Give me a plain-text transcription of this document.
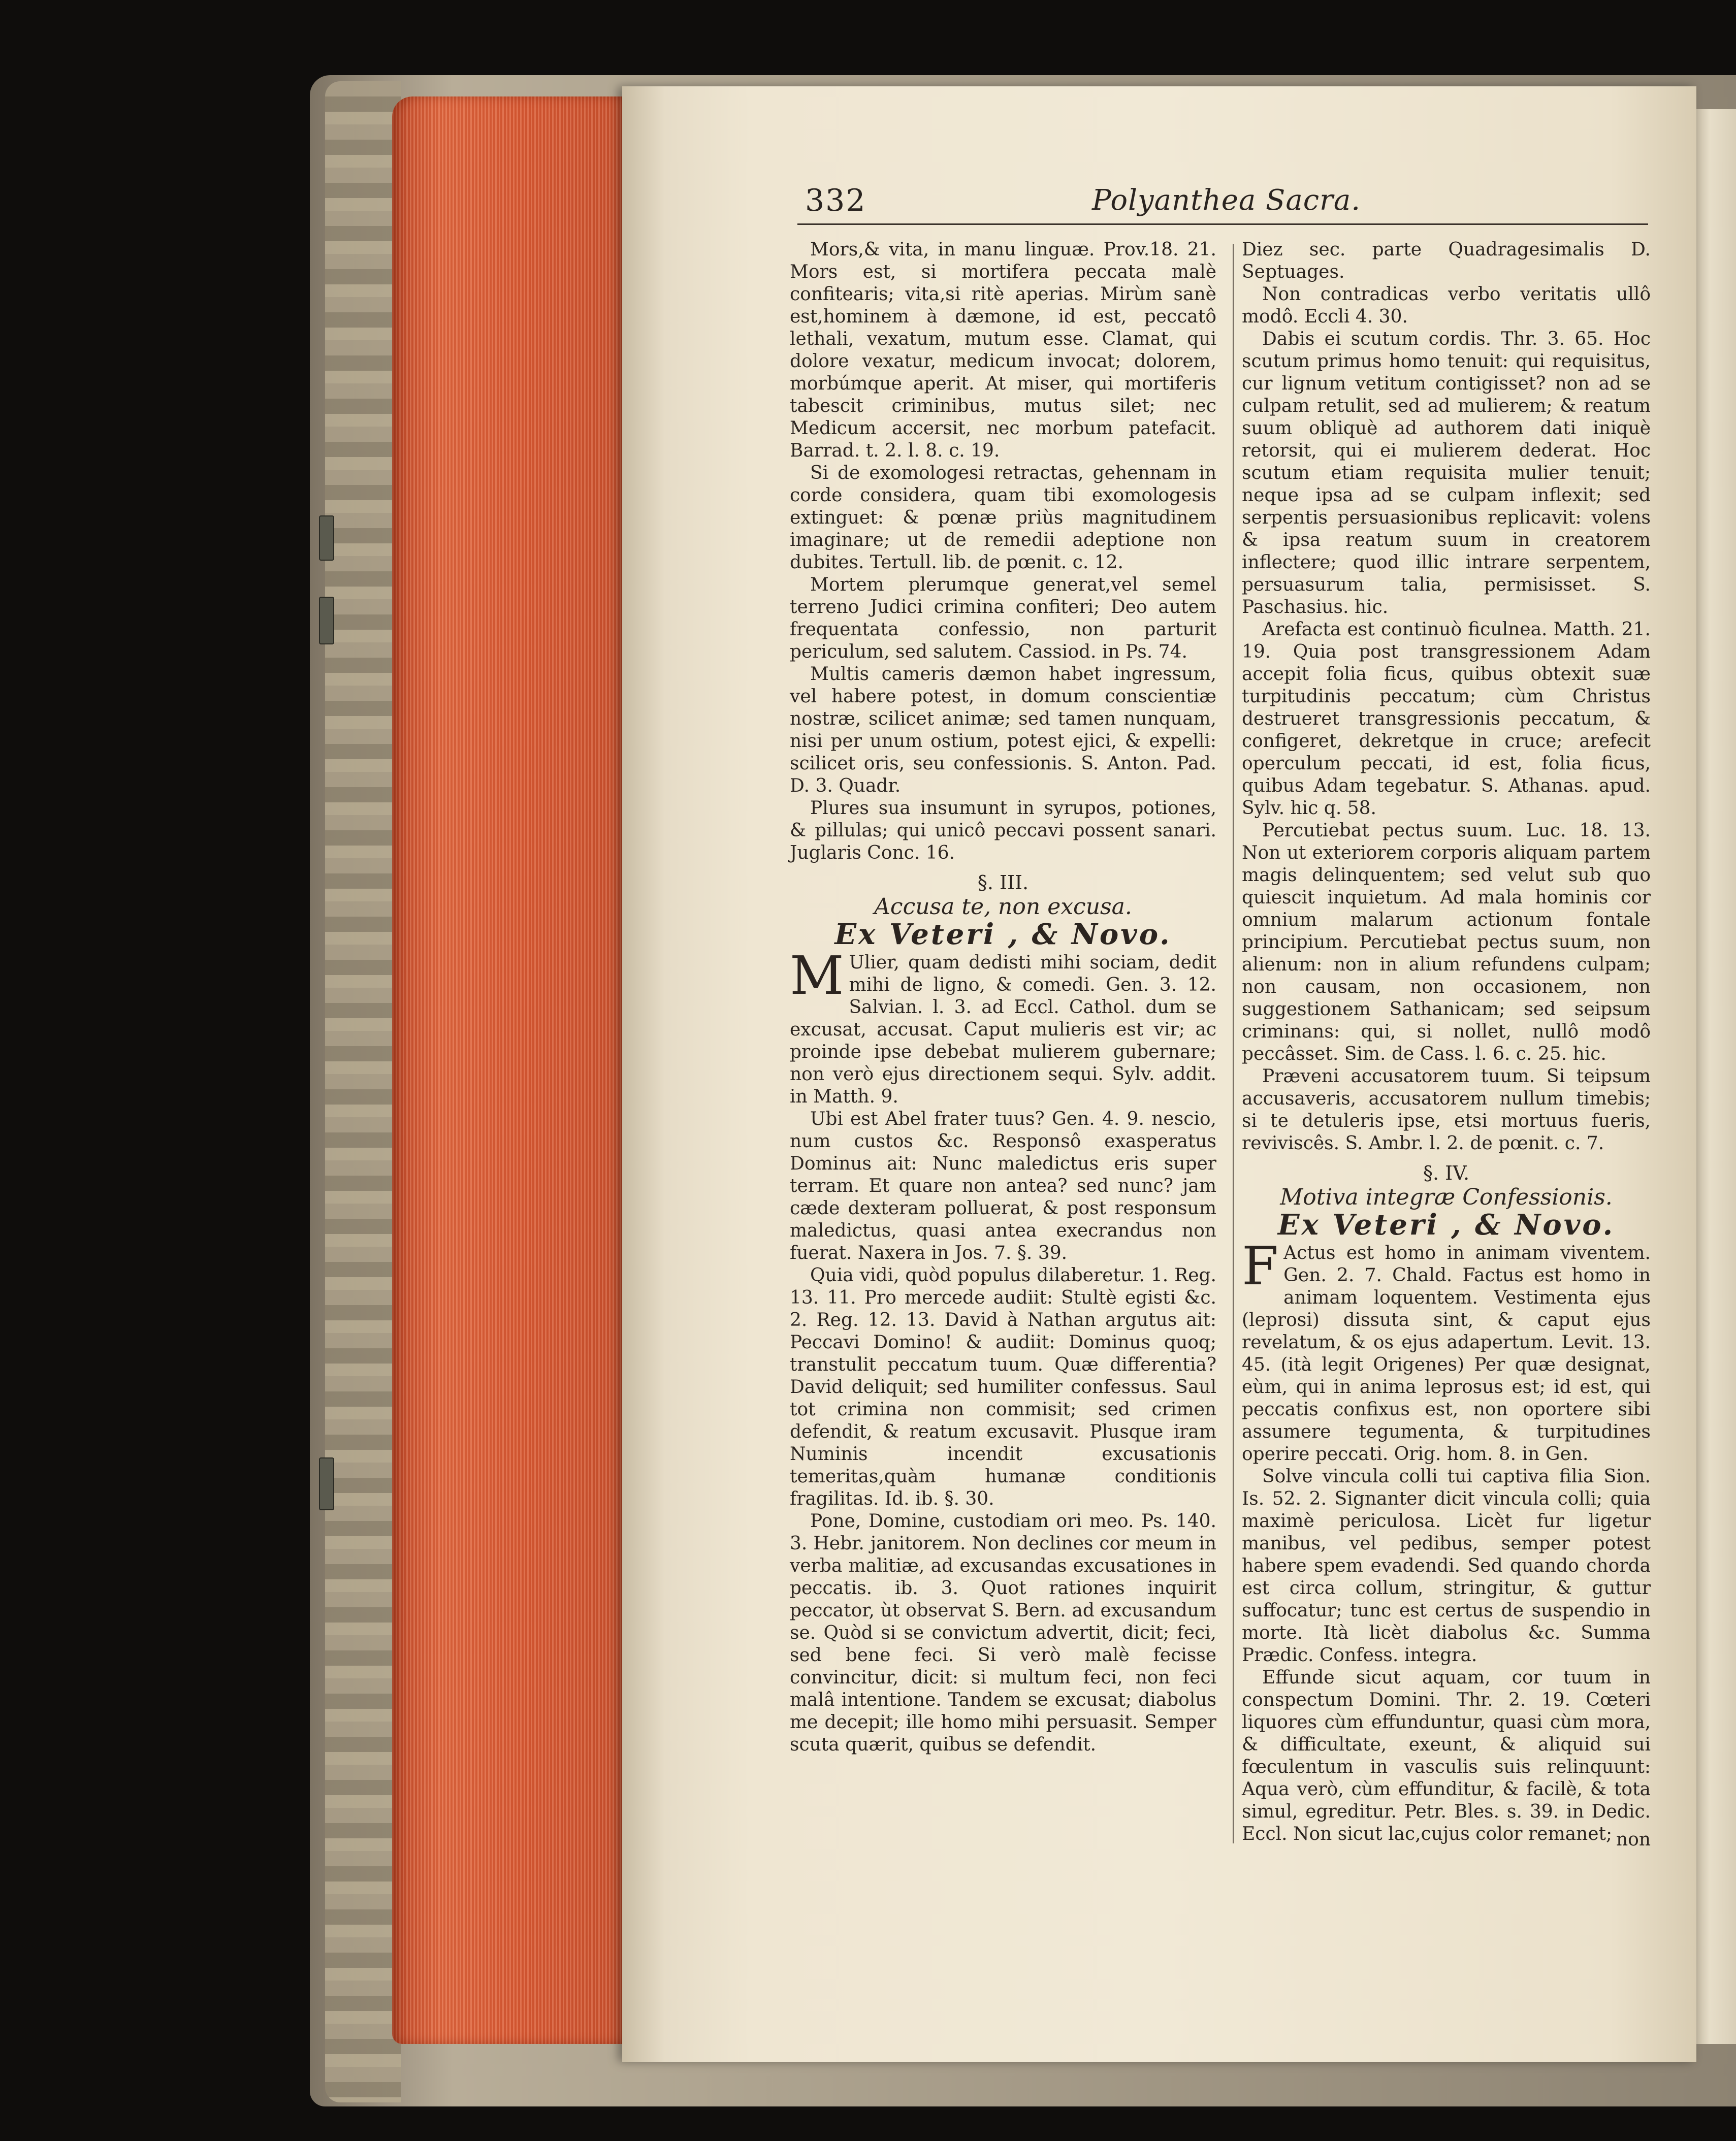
332	Polyanthea Sacra.

Mors,& vita, in manu linguæ. Prov.18. 21. Mors est, si mortifera peccata malè confitearis; vita,si ritè aperias. Mirùm sanè est,hominem à dæmone, id est, peccatô lethali, vexatum, mutum esse. Clamat, qui dolore vexatur, medicum invocat; dolorem, morbúmque aperit. At miser, qui mortiferis tabescit criminibus, mutus silet; nec Medicum accersit, nec morbum patefacit. Barrad. t. 2. l. 8. c. 19.

Si de exomologesi retractas, gehennam in corde considera, quam tibi exomologesis extinguet: & pœnæ priùs magnitudinem imaginare; ut de remedii adeptione non dubites. Tertull. lib. de pœnit. c. 12.

Mortem plerumque generat,vel semel terreno Judici crimina confiteri; Deo autem frequentata confessio, non parturit periculum, sed salutem. Cassiod. in Ps. 74.

Multis cameris dæmon habet ingressum, vel habere potest, in domum conscientiæ nostræ, scilicet animæ; sed tamen nunquam, nisi per unum ostium, potest ejici, & expelli: scilicet oris, seu confessionis. S. Anton. Pad. D. 3. Quadr.

Plures sua insumunt in syrupos, potiones, & pillulas; qui unicô peccavi possent sanari. Juglaris Conc. 16.

§. III.
Accusa te, non excusa.
Ex Veteri , & Novo.

M Ulier, quam dedisti mihi sociam, dedit mihi de ligno, & comedi. Gen. 3. 12. Salvian. l. 3. ad Eccl. Cathol. dum se excusat, accusat. Caput mulieris est vir; ac proinde ipse debebat mulierem gubernare; non verò ejus directionem sequi. Sylv. addit. in Matth. 9.

Ubi est Abel frater tuus? Gen. 4. 9. nescio, num custos &c. Responsô exasperatus Dominus ait: Nunc maledictus eris super terram. Et quare non antea? sed nunc? jam cæde dexteram polluerat, & post responsum maledictus, quasi antea execrandus non fuerat. Naxera in Jos. 7. §. 39.

Quia vidi, quòd populus dilaberetur. 1. Reg. 13. 11. Pro mercede audiit: Stultè egisti &c. 2. Reg. 12. 13. David à Nathan argutus ait: Peccavi Domino! & audiit: Dominus quoq; transtulit peccatum tuum. Quæ differentia? David deliquit; sed humiliter confessus. Saul tot crimina non commisit; sed crimen defendit, & reatum excusavit. Plusque iram Numinis incendit excusationis temeritas,quàm humanæ conditionis fragilitas. Id. ib. §. 30.

Pone, Domine, custodiam ori meo. Ps. 140. 3. Hebr. janitorem. Non declines cor meum in verba malitiæ, ad excusandas excusationes in peccatis. ib. 3. Quot rationes inquirit peccator, ùt observat S. Bern. ad excusandum se. Quòd si se convictum advertit, dicit; feci, sed bene feci. Si verò malè fecisse convincitur, dicit: si multum feci, non feci malâ intentione. Tandem se excusat; diabolus me decepit; ille homo mihi persuasit. Semper scuta quærit, quibus se defendit.

Diez sec. parte Quadragesimalis D. Septuages.

Non contradicas verbo veritatis ullô modô. Eccli 4. 30.

Dabis ei scutum cordis. Thr. 3. 65. Hoc scutum primus homo tenuit: qui requisitus, cur lignum vetitum contigisset? non ad se culpam retulit, sed ad mulierem; & reatum suum obliquè ad authorem dati iniquè retorsit, qui ei mulierem dederat. Hoc scutum etiam requisita mulier tenuit; neque ipsa ad se culpam inflexit; sed serpentis persuasionibus replicavit: volens & ipsa reatum suum in creatorem inflectere; quod illic intrare serpentem, persuasurum talia, permisisset. S. Paschasius. hic.

Arefacta est continuò ficulnea. Matth. 21. 19. Quia post transgressionem Adam accepit folia ficus, quibus obtexit suæ turpitudinis peccatum; cùm Christus destrueret transgressionis peccatum, & configeret, dekretque in cruce; arefecit operculum peccati, id est, folia ficus, quibus Adam tegebatur. S. Athanas. apud. Sylv. hic q. 58.

Percutiebat pectus suum. Luc. 18. 13. Non ut exteriorem corporis aliquam partem magis delinquentem; sed velut sub quo quiescit inquietum. Ad mala hominis cor omnium malarum actionum fontale principium. Percutiebat pectus suum, non alienum: non in alium refundens culpam; non causam, non occasionem, non suggestionem Sathanicam; sed seipsum criminans: qui, si nollet, nullô modô peccâsset. Sim. de Cass. l. 6. c. 25. hic.

Præveni accusatorem tuum. Si teipsum accusaveris, accusatorem nullum timebis; si te detuleris ipse, etsi mortuus fueris, reviviscês. S. Ambr. l. 2. de pœnit. c. 7.

§. IV.
Motiva integræ Confessionis.
Ex Veteri , & Novo.

F Actus est homo in animam viventem. Gen. 2. 7. Chald. Factus est homo in animam loquentem. Vestimenta ejus (leprosi) dissuta sint, & caput ejus revelatum, & os ejus adapertum. Levit. 13. 45. (ità legit Origenes) Per quæ designat, eùm, qui in anima leprosus est; id est, qui peccatis confixus est, non oportere sibi assumere tegumenta, & turpitudines operire peccati. Orig. hom. 8. in Gen.

Solve vincula colli tui captiva filia Sion. Is. 52. 2. Signanter dicit vincula colli; quia maximè periculosa. Licèt fur ligetur manibus, vel pedibus, semper potest habere spem evadendi. Sed quando chorda est circa collum, stringitur, & guttur suffocatur; tunc est certus de suspendio in morte. Ità licèt diabolus &c. Summa Prædic. Confess. integra.

Effunde sicut aquam, cor tuum in conspectum Domini. Thr. 2. 19. Cœteri liquores cùm effunduntur, quasi cùm mora, & difficultate, exeunt, & aliquid sui fœculentum in vasculis suis relinquunt: Aqua verò, cùm effunditur, & facilè, & tota simul, egreditur. Petr. Bles. s. 39. in Dedic. Eccl. Non sicut lac,cujus color remanet; non
